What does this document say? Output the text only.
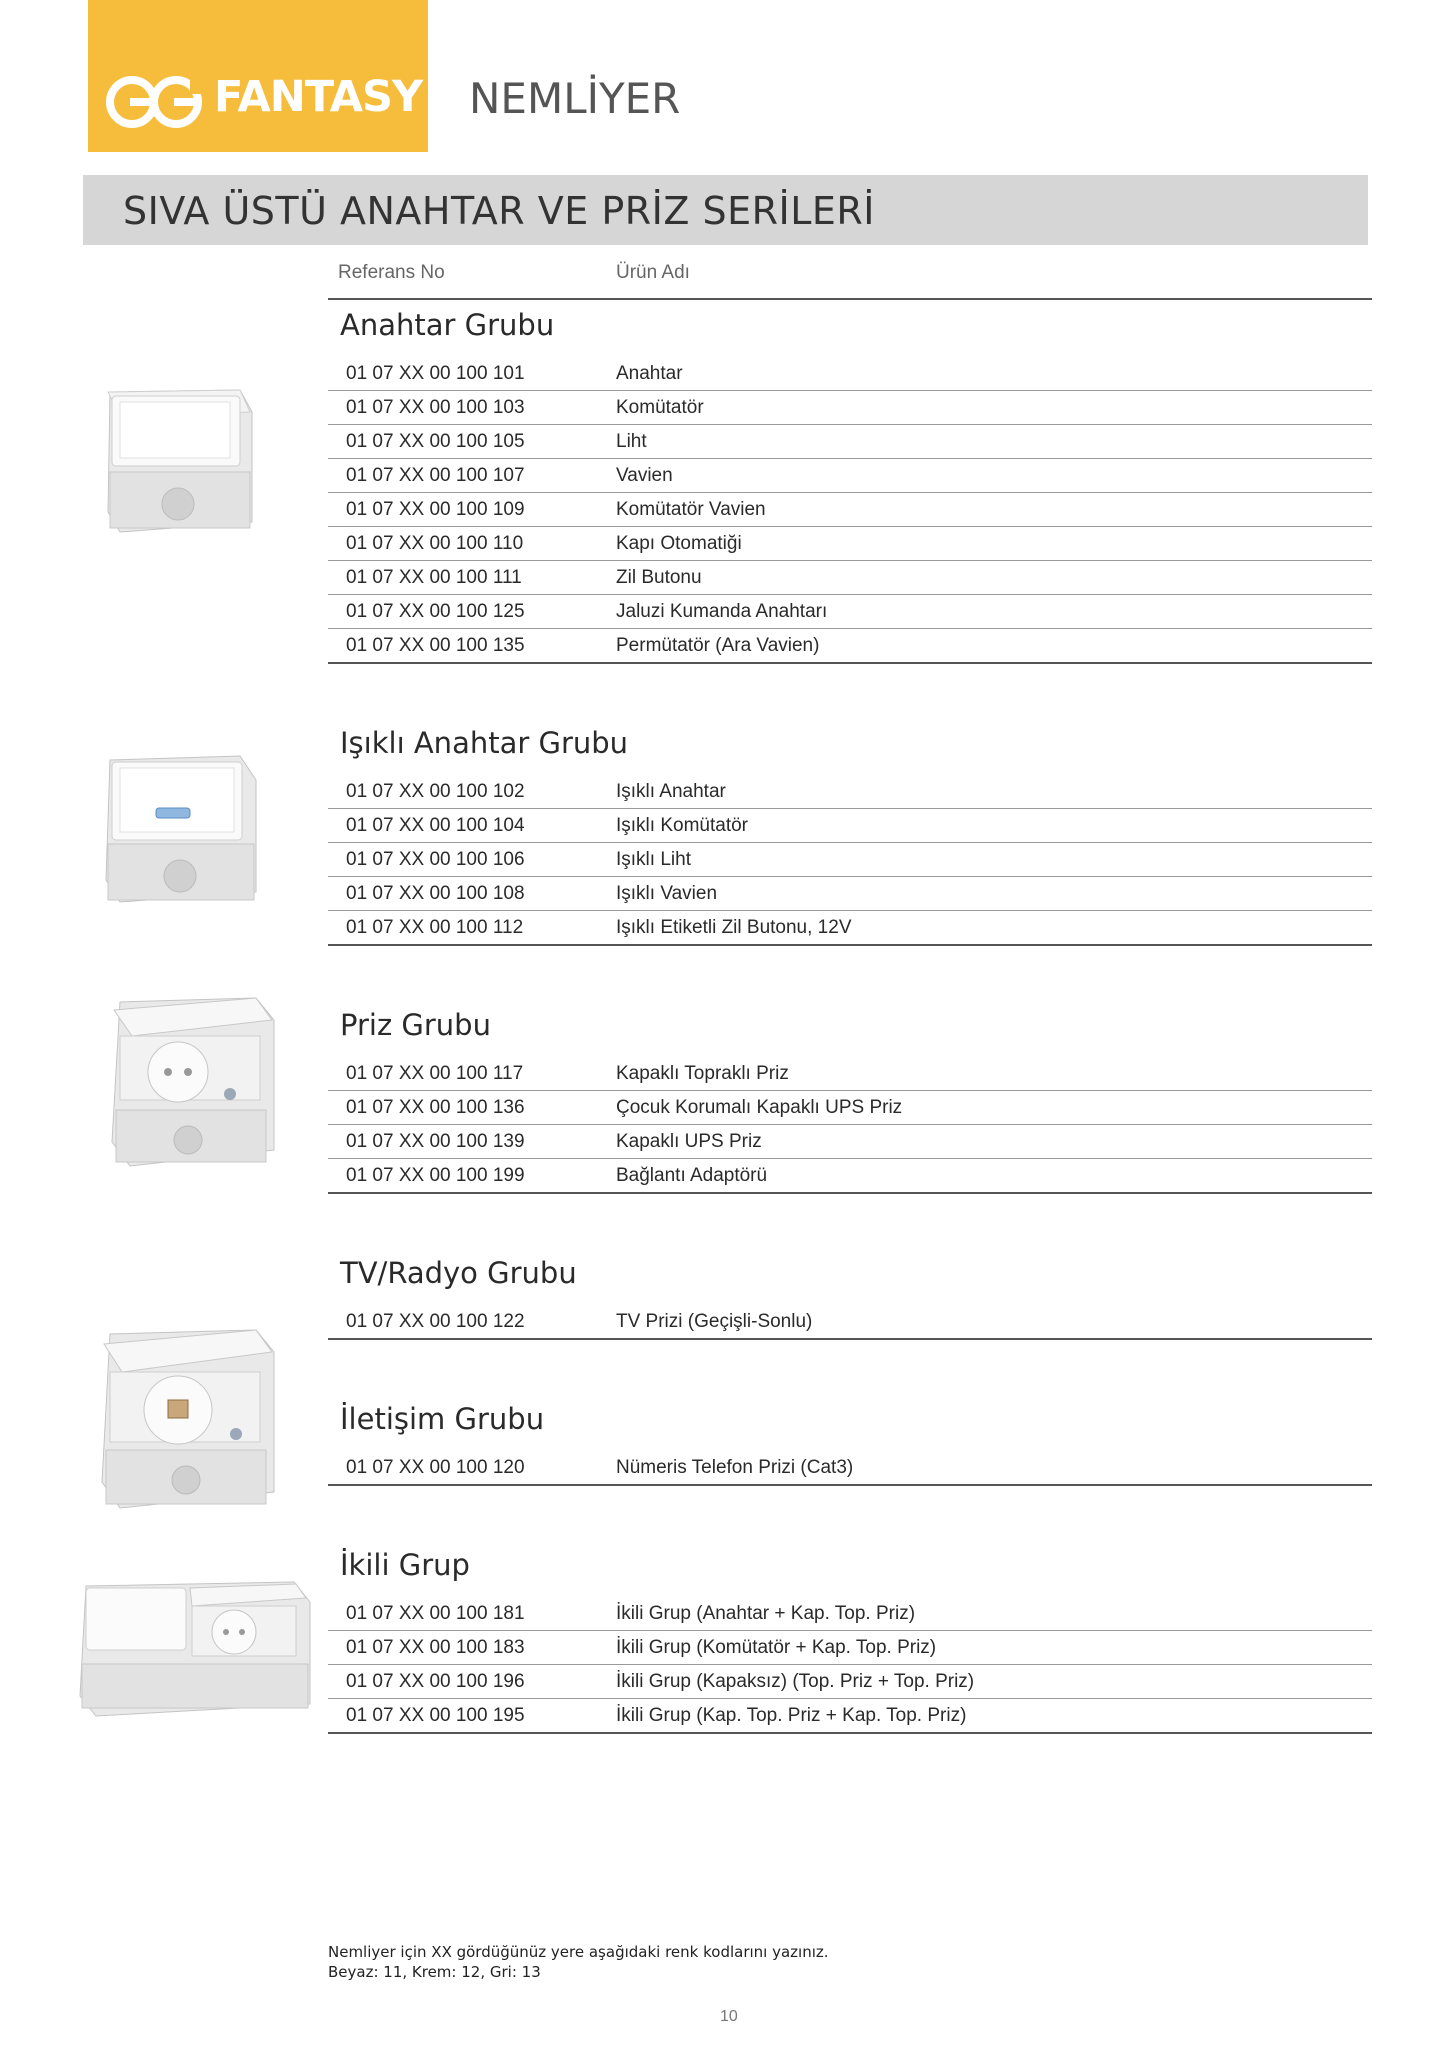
FANTASY NEMLİYER
SIVA ÜSTÜ ANAHTAR VE PRİZ SERİLERİ
Referans No	Ürün Adı
Anahtar Grubu
01 07 XX 00 100 101	Anahtar
01 07 XX 00 100 103	Komütatör
01 07 XX 00 100 105	Liht
01 07 XX 00 100 107	Vavien
01 07 XX 00 100 109	Komütatör Vavien
01 07 XX 00 100 110	Kapı Otomatiği
01 07 XX 00 100 111	Zil Butonu
01 07 XX 00 100 125	Jaluzi Kumanda Anahtarı
01 07 XX 00 100 135	Permütatör (Ara Vavien)
Işıklı Anahtar Grubu
01 07 XX 00 100 102	Işıklı Anahtar
01 07 XX 00 100 104	Işıklı Komütatör
01 07 XX 00 100 106	Işıklı Liht
01 07 XX 00 100 108	Işıklı Vavien
01 07 XX 00 100 112	Işıklı Etiketli Zil Butonu, 12V
Priz Grubu
01 07 XX 00 100 117	Kapaklı Topraklı Priz
01 07 XX 00 100 136	Çocuk Korumalı Kapaklı UPS Priz
01 07 XX 00 100 139	Kapaklı UPS Priz
01 07 XX 00 100 199	Bağlantı Adaptörü
TV/Radyo Grubu
01 07 XX 00 100 122	TV Prizi (Geçişli-Sonlu)
İletişim Grubu
01 07 XX 00 100 120	Nümeris Telefon Prizi (Cat3)
İkili Grup
01 07 XX 00 100 181	İkili Grup (Anahtar + Kap. Top. Priz)
01 07 XX 00 100 183	İkili Grup (Komütatör + Kap. Top. Priz)
01 07 XX 00 100 196	İkili Grup (Kapaksız) (Top. Priz + Top. Priz)
01 07 XX 00 100 195	İkili Grup (Kap. Top. Priz + Kap. Top. Priz)
Nemliyer için XX gördüğünüz yere aşağıdaki renk kodlarını yazınız.
Beyaz: 11, Krem: 12, Gri: 13
10
